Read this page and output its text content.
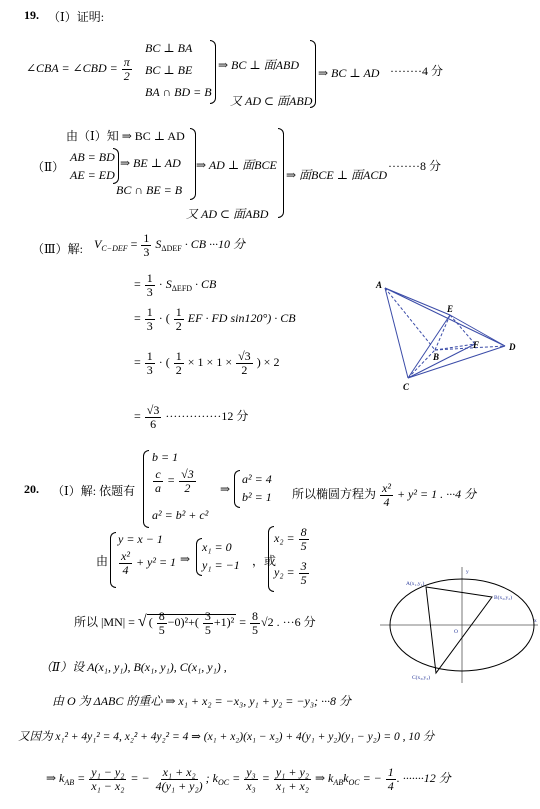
19. （Ⅰ）证明:
∠CBA = ∠CBD = $\frac{\pi}{2}$
BC ⊥ BA
BC ⊥ BE
BA ∩ BD = B
⇒ BC ⊥ 面ABD
又 AD ⊂ 面ABD
⇒ BC ⊥ AD ········4 分
由（Ⅰ）知 ⇒ BC ⊥ AD
（Ⅱ）
AB = BD
AE = ED
⇒ BE ⊥ AD
BC ∩ BE = B
⇒ AD ⊥ 面BCE
又 AD ⊂ 面ABD
⇒ 面BCE ⊥ 面ACD
········8 分
（Ⅲ）解: $V_{C-DEF} = \frac{1}{3} S_{\Delta DEF}$ · CB ···10 分
= $\frac{1}{3} \cdot S_{\Delta EFD}$ · CB
= $\frac{1}{3}$ · ( $\frac{1}{2}$ EF · FD sin120°) · CB
= $\frac{1}{3}$ · ( $\frac{1}{2} \times 1 \times 1 \times \frac{√3}{2}$ ) × 2
= $\frac{√3}{6} \cdot\cdot\cdot\cdot\cdot\cdot\cdot\cdot\cdot\cdot\cdot\cdot\cdot\cdot 12$ 分
A
E
F
B
D
C
20. （Ⅰ）解: 依题有
b = 1
$\frac{c}{a} = \frac{√3}{2}$
a² = b² + c²
⇒
a² = 4
b² = 1 所以椭圆方程为 $\frac{\text{x²}}{4} + y^2 = 1$ . ···4 分
由
y = x − 1
$\frac{\text{x²}}{4} + y^2 = 1$ ⇒
x₁ = 0
y₁ = −1 ，或
$x_2 = \frac{8}{5}$
$y_2 = \frac{3}{5}$
所以 |MN| = √ ( $\frac{8}{5} -0)^2+( \frac{3}{5} +1)^2 = \frac{8}{5} √2$ . ···6 分
A(x₁,y₁)
B(x₂,y₂)
C(x₃,y₃)
O
x
y
（Ⅱ）设 A(x₁, y₁), B(x₁, y₁), C(x₁, y₁) ,
由 O 为 ΔABC 的重心 ⇒ x₁ + x₂ = −x₃, y₁ + y₂ = −y₃; ···8 分
又因为 x₁² + 4y₁² = 4, x₂² + 4y₂² = 4 ⇒ (x₁ + x₂)(x₁ − x₂) + 4(y₁ + y₂)(y₁ − y₂) = 0 , 10 分
⇒ $k_{AB} = \frac{\text{y₁ − y₂}}{\text{x₁ − x₂}}$ = − $\frac{\text{x₁ + x₂}}{\text{4(y₁ + y₂)}}$ ; $k_{OC} = \frac{\text{y₃}}{\text{x₃}} = \frac{\text{y₁ + y₂}}{\text{x₁ + x₂}}$ ⇒ $k_{AB}k_{OC}$ = − $\frac{1}{4}$ . ·······12 分
